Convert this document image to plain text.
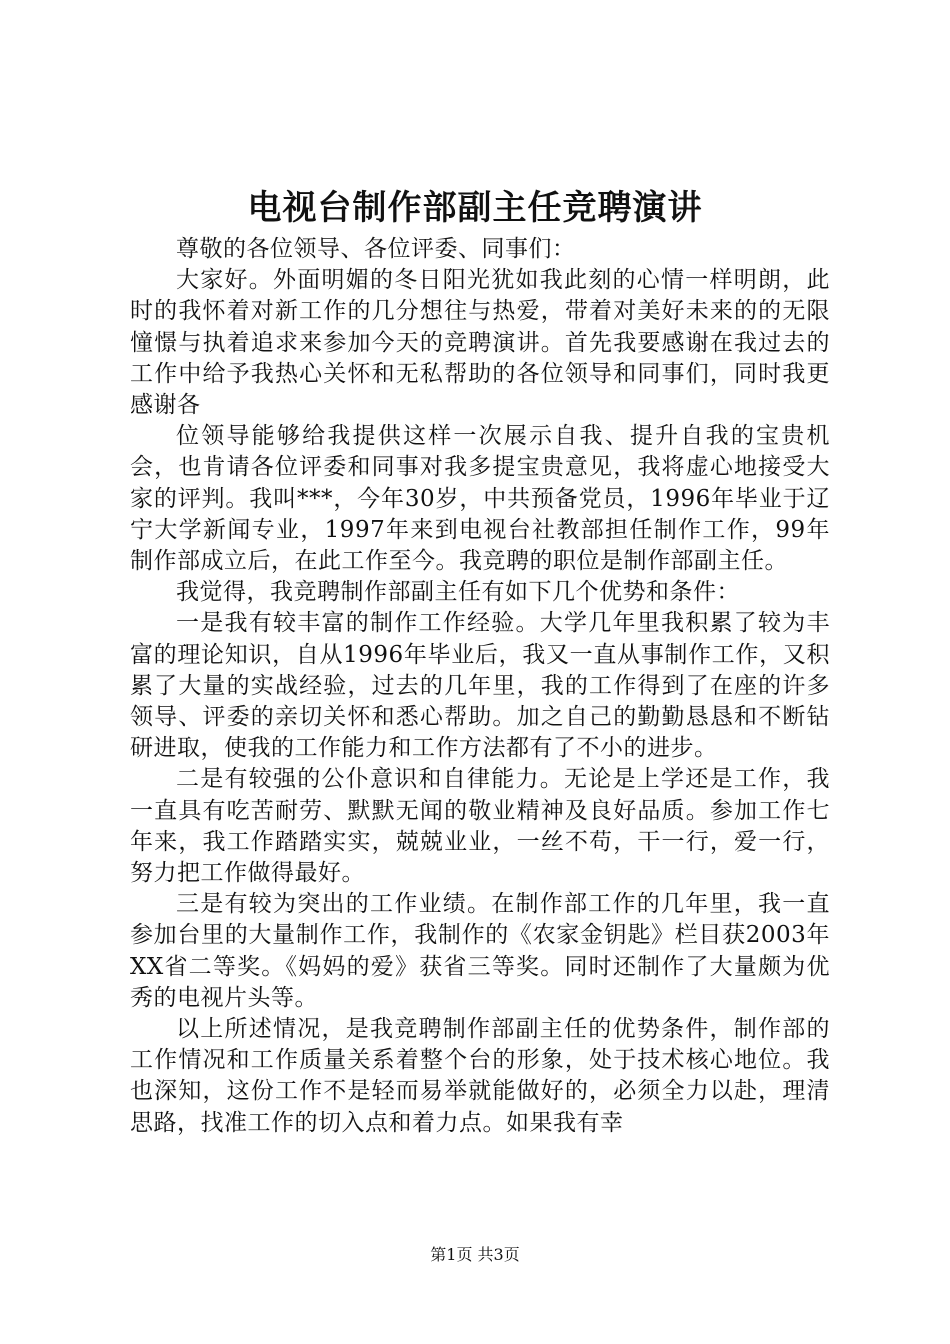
电视台制作部副主任竞聘演讲

尊敬的各位领导、各位评委、同事们：

大家好。外面明媚的冬日阳光犹如我此刻的心情一样明朗，此时的我怀着对新工作的几分想往与热爱，带着对美好未来的的无限憧憬与执着追求来参加今天的竞聘演讲。首先我要感谢在我过去的工作中给予我热心关怀和无私帮助的各位领导和同事们，同时我更感谢各

位领导能够给我提供这样一次展示自我、提升自我的宝贵机会，也肯请各位评委和同事对我多提宝贵意见，我将虚心地接受大家的评判。我叫***，今年30岁，中共预备党员，1996年毕业于辽宁大学新闻专业，1997年来到电视台社教部担任制作工作，99年制作部成立后，在此工作至今。我竞聘的职位是制作部副主任。

我觉得，我竞聘制作部副主任有如下几个优势和条件：

一是我有较丰富的制作工作经验。大学几年里我积累了较为丰富的理论知识，自从1996年毕业后，我又一直从事制作工作，又积累了大量的实战经验，过去的几年里，我的工作得到了在座的许多领导、评委的亲切关怀和悉心帮助。加之自己的勤勤恳恳和不断钻研进取，使我的工作能力和工作方法都有了不小的进步。

二是有较强的公仆意识和自律能力。无论是上学还是工作，我一直具有吃苦耐劳、默默无闻的敬业精神及良好品质。参加工作七年来，我工作踏踏实实，兢兢业业，一丝不苟，干一行，爱一行，努力把工作做得最好。

三是有较为突出的工作业绩。在制作部工作的几年里，我一直参加台里的大量制作工作，我制作的《农家金钥匙》栏目获2003年XX省二等奖。《妈妈的爱》获省三等奖。同时还制作了大量颇为优秀的电视片头等。

以上所述情况，是我竞聘制作部副主任的优势条件，制作部的工作情况和工作质量关系着整个台的形象，处于技术核心地位。我也深知，这份工作不是轻而易举就能做好的，必须全力以赴，理清思路，找准工作的切入点和着力点。如果我有幸

第1页 共3页
